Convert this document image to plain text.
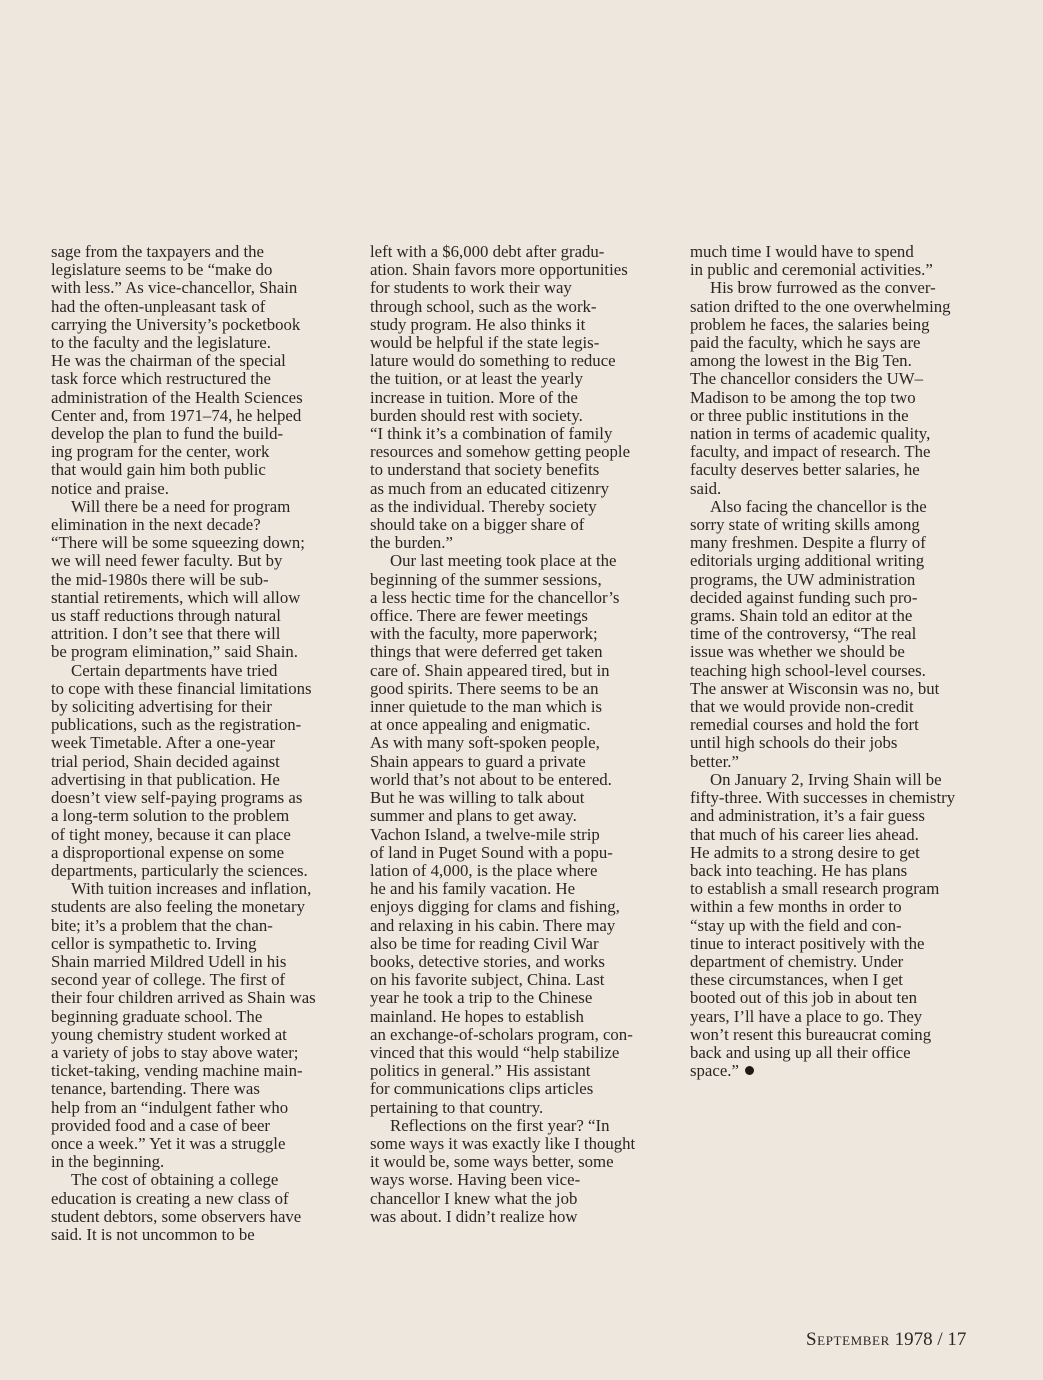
sage from the taxpayers and the
legislature seems to be “make do
with less.” As vice-chancellor, Shain
had the often-unpleasant task of
carrying the University’s pocketbook
to the faculty and the legislature.
He was the chairman of the special
task force which restructured the
administration of the Health Sciences
Center and, from 1971–74, he helped
develop the plan to fund the build-
ing program for the center, work
that would gain him both public
notice and praise.
Will there be a need for program
elimination in the next decade?
“There will be some squeezing down;
we will need fewer faculty. But by
the mid-1980s there will be sub-
stantial retirements, which will allow
us staff reductions through natural
attrition. I don’t see that there will
be program elimination,” said Shain.
Certain departments have tried
to cope with these financial limitations
by soliciting advertising for their
publications, such as the registration-
week Timetable. After a one-year
trial period, Shain decided against
advertising in that publication. He
doesn’t view self-paying programs as
a long-term solution to the problem
of tight money, because it can place
a disproportional expense on some
departments, particularly the sciences.
With tuition increases and inflation,
students are also feeling the monetary
bite; it’s a problem that the chan-
cellor is sympathetic to. Irving
Shain married Mildred Udell in his
second year of college. The first of
their four children arrived as Shain was
beginning graduate school. The
young chemistry student worked at
a variety of jobs to stay above water;
ticket-taking, vending machine main-
tenance, bartending. There was
help from an “indulgent father who
provided food and a case of beer
once a week.” Yet it was a struggle
in the beginning.
The cost of obtaining a college
education is creating a new class of
student debtors, some observers have
said. It is not uncommon to be
left with a $6,000 debt after gradu-
ation. Shain favors more opportunities
for students to work their way
through school, such as the work-
study program. He also thinks it
would be helpful if the state legis-
lature would do something to reduce
the tuition, or at least the yearly
increase in tuition. More of the
burden should rest with society.
“I think it’s a combination of family
resources and somehow getting people
to understand that society benefits
as much from an educated citizenry
as the individual. Thereby society
should take on a bigger share of
the burden.”
Our last meeting took place at the
beginning of the summer sessions,
a less hectic time for the chancellor’s
office. There are fewer meetings
with the faculty, more paperwork;
things that were deferred get taken
care of. Shain appeared tired, but in
good spirits. There seems to be an
inner quietude to the man which is
at once appealing and enigmatic.
As with many soft-spoken people,
Shain appears to guard a private
world that’s not about to be entered.
But he was willing to talk about
summer and plans to get away.
Vachon Island, a twelve-mile strip
of land in Puget Sound with a popu-
lation of 4,000, is the place where
he and his family vacation. He
enjoys digging for clams and fishing,
and relaxing in his cabin. There may
also be time for reading Civil War
books, detective stories, and works
on his favorite subject, China. Last
year he took a trip to the Chinese
mainland. He hopes to establish
an exchange-of-scholars program, con-
vinced that this would “help stabilize
politics in general.” His assistant
for communications clips articles
pertaining to that country.
Reflections on the first year? “In
some ways it was exactly like I thought
it would be, some ways better, some
ways worse. Having been vice-
chancellor I knew what the job
was about. I didn’t realize how
much time I would have to spend
in public and ceremonial activities.”
His brow furrowed as the conver-
sation drifted to the one overwhelming
problem he faces, the salaries being
paid the faculty, which he says are
among the lowest in the Big Ten.
The chancellor considers the UW–
Madison to be among the top two
or three public institutions in the
nation in terms of academic quality,
faculty, and impact of research. The
faculty deserves better salaries, he
said.
Also facing the chancellor is the
sorry state of writing skills among
many freshmen. Despite a flurry of
editorials urging additional writing
programs, the UW administration
decided against funding such pro-
grams. Shain told an editor at the
time of the controversy, “The real
issue was whether we should be
teaching high school-level courses.
The answer at Wisconsin was no, but
that we would provide non-credit
remedial courses and hold the fort
until high schools do their jobs
better.”
On January 2, Irving Shain will be
fifty-three. With successes in chemistry
and administration, it’s a fair guess
that much of his career lies ahead.
He admits to a strong desire to get
back into teaching. He has plans
to establish a small research program
within a few months in order to
“stay up with the field and con-
tinue to interact positively with the
department of chemistry. Under
these circumstances, when I get
booted out of this job in about ten
years, I’ll have a place to go. They
won’t resent this bureaucrat coming
back and using up all their office
space.”
September 1978 / 17
